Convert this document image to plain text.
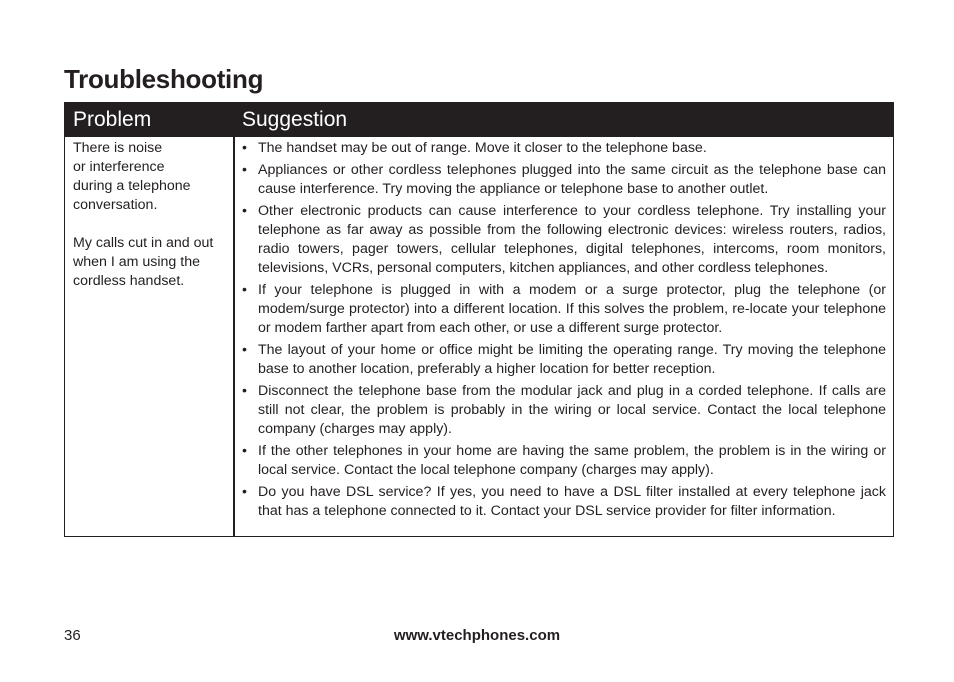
Troubleshooting
Problem	Suggestion

There is noise
or interference
during a telephone
conversation.

My calls cut in and out
when I am using the
cordless handset.

• The handset may be out of range. Move it closer to the telephone base.
• Appliances or other cordless telephones plugged into the same circuit as the telephone base can cause interference. Try moving the appliance or telephone base to another outlet.
• Other electronic products can cause interference to your cordless telephone. Try installing your telephone as far away as possible from the following electronic devices: wireless routers, radios, radio towers, pager towers, cellular telephones, digital telephones, intercoms, room monitors, televisions, VCRs, personal computers, kitchen appliances, and other cordless telephones.
• If your telephone is plugged in with a modem or a surge protector, plug the telephone (or modem/surge protector) into a different location. If this solves the problem, re-locate your telephone or modem farther apart from each other, or use a different surge protector.
• The layout of your home or office might be limiting the operating range. Try moving the telephone base to another location, preferably a higher location for better reception.
• Disconnect the telephone base from the modular jack and plug in a corded telephone. If calls are still not clear, the problem is probably in the wiring or local service. Contact the local telephone company (charges may apply).
• If the other telephones in your home are having the same problem, the problem is in the wiring or local service. Contact the local telephone company (charges may apply).
• Do you have DSL service? If yes, you need to have a DSL filter installed at every telephone jack that has a telephone connected to it. Contact your DSL service provider for filter information.
36	www.vtechphones.com
